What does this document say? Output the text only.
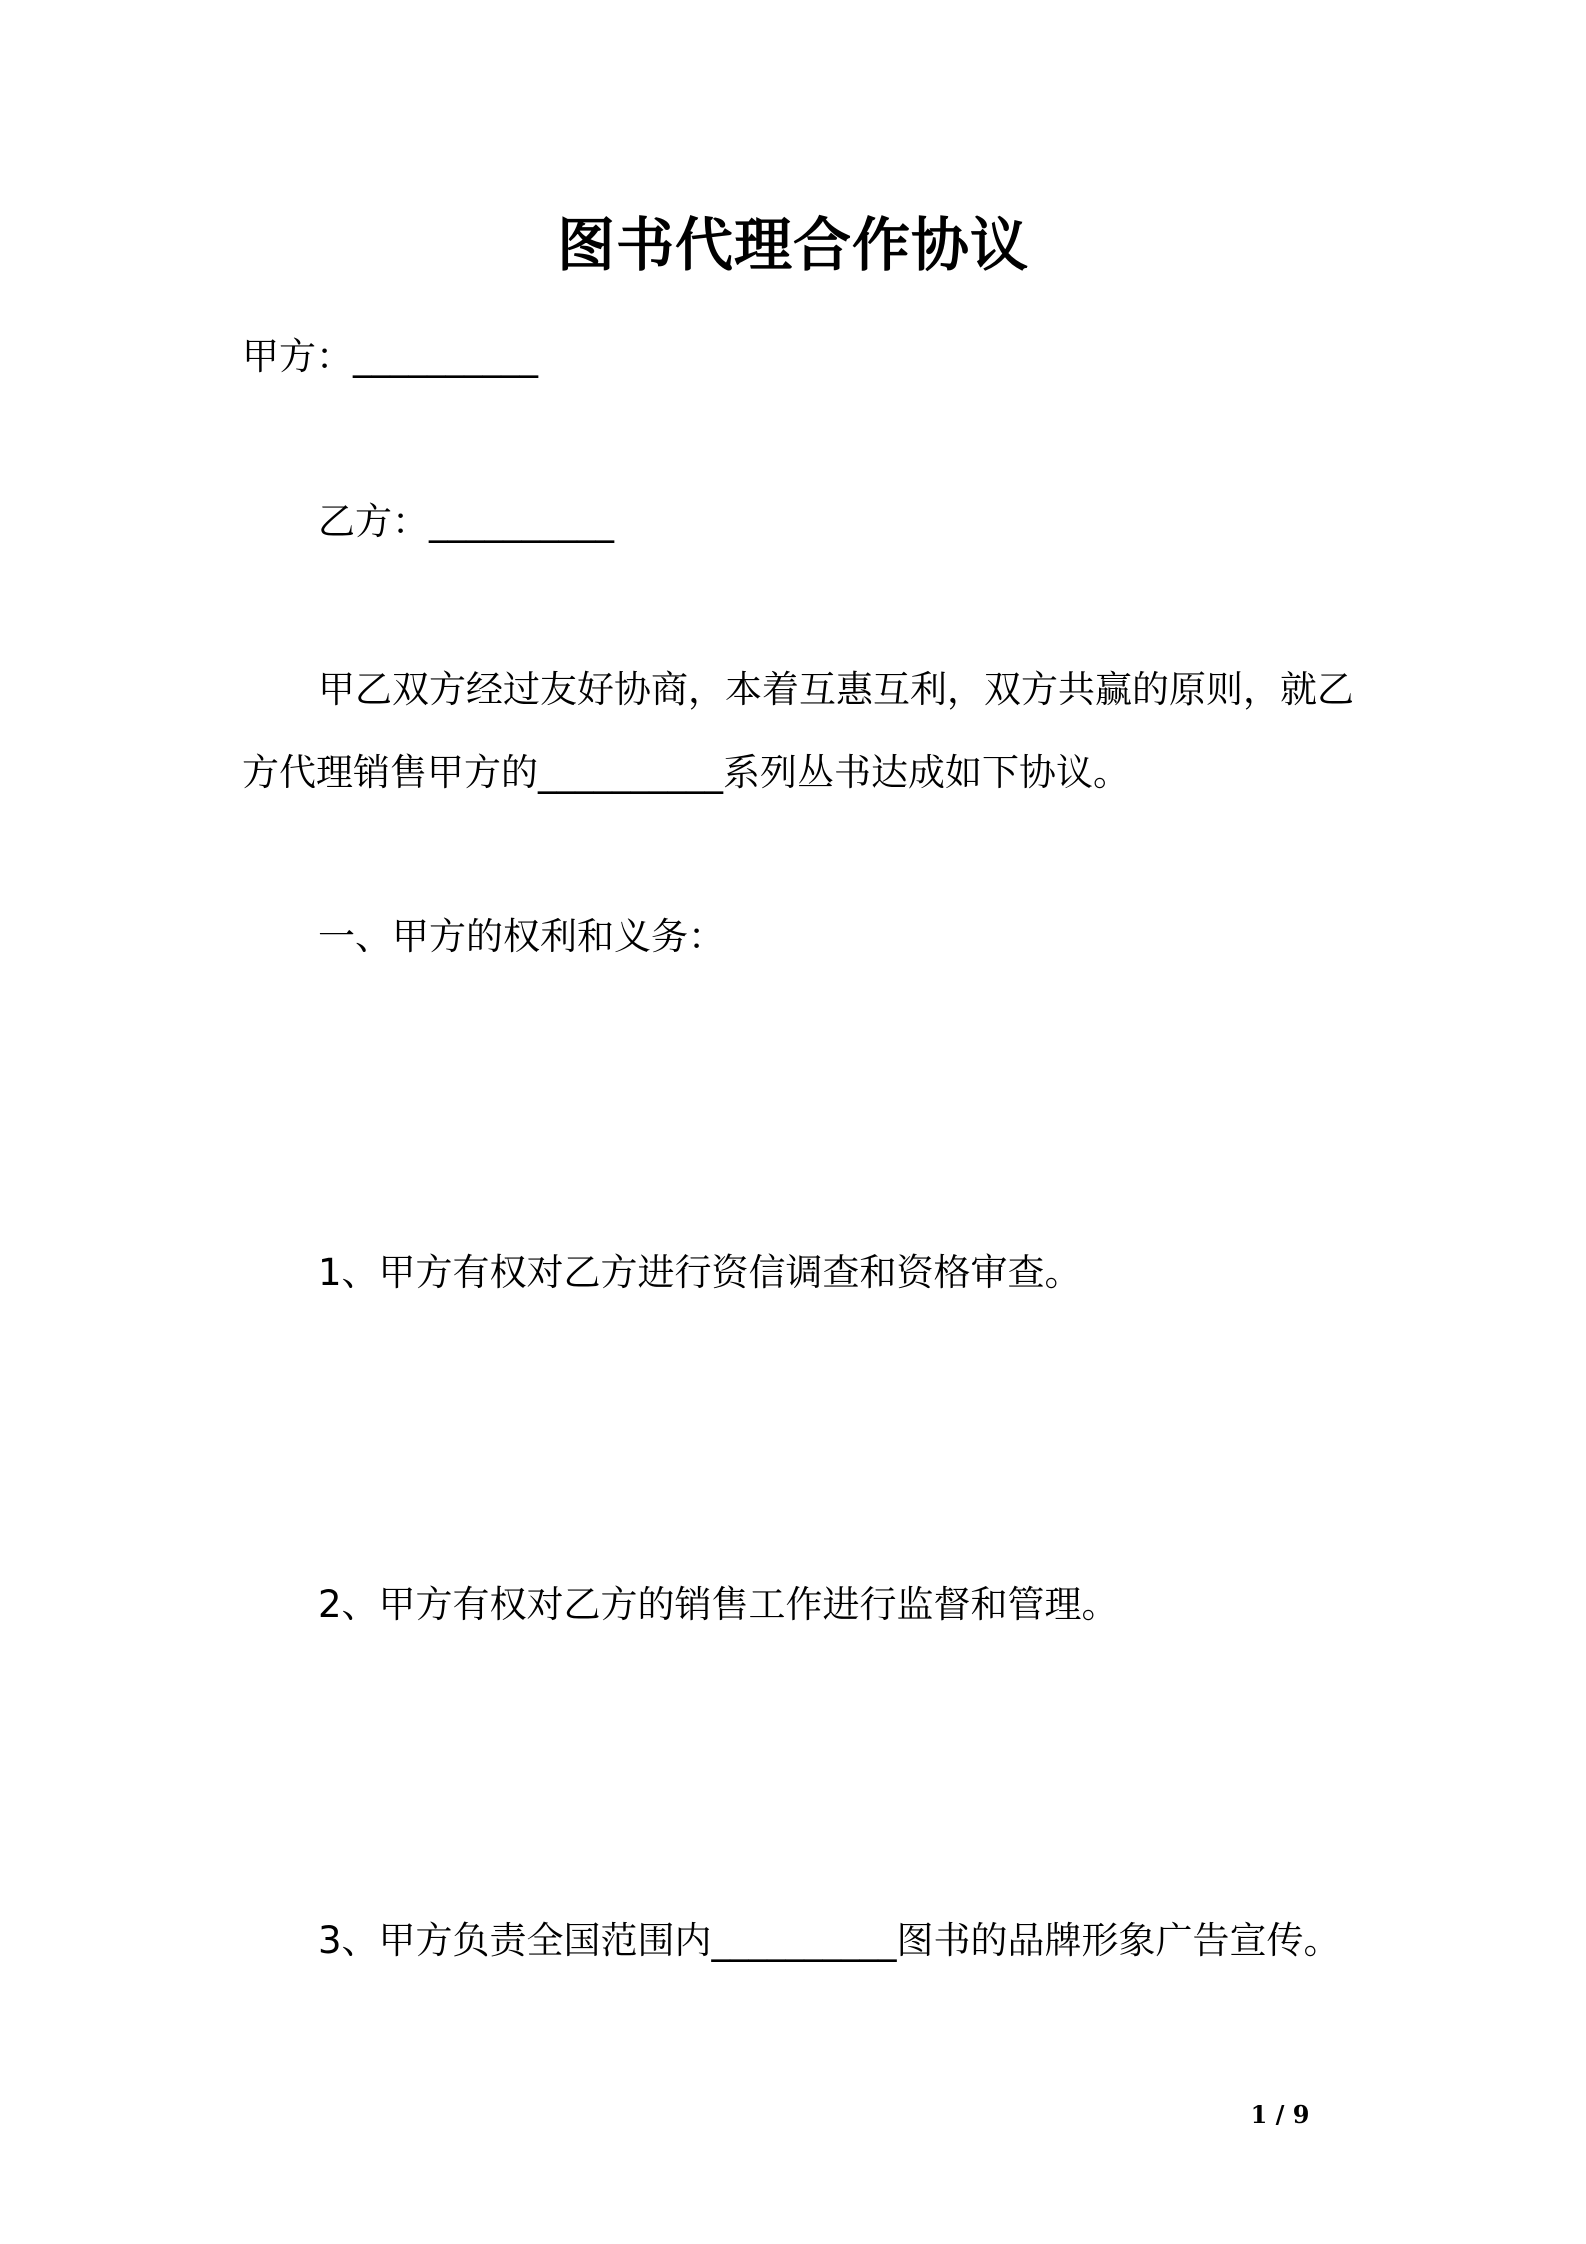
图书代理合作协议
甲方：__________
乙方：__________
甲乙双方经过友好协商，本着互惠互利，双方共赢的原则，就乙
方代理销售甲方的__________系列丛书达成如下协议。
一、甲方的权利和义务：
1、甲方有权对乙方进行资信调查和资格审查。
2、甲方有权对乙方的销售工作进行监督和管理。
3、甲方负责全国范围内__________图书的品牌形象广告宣传。
1 / 9
